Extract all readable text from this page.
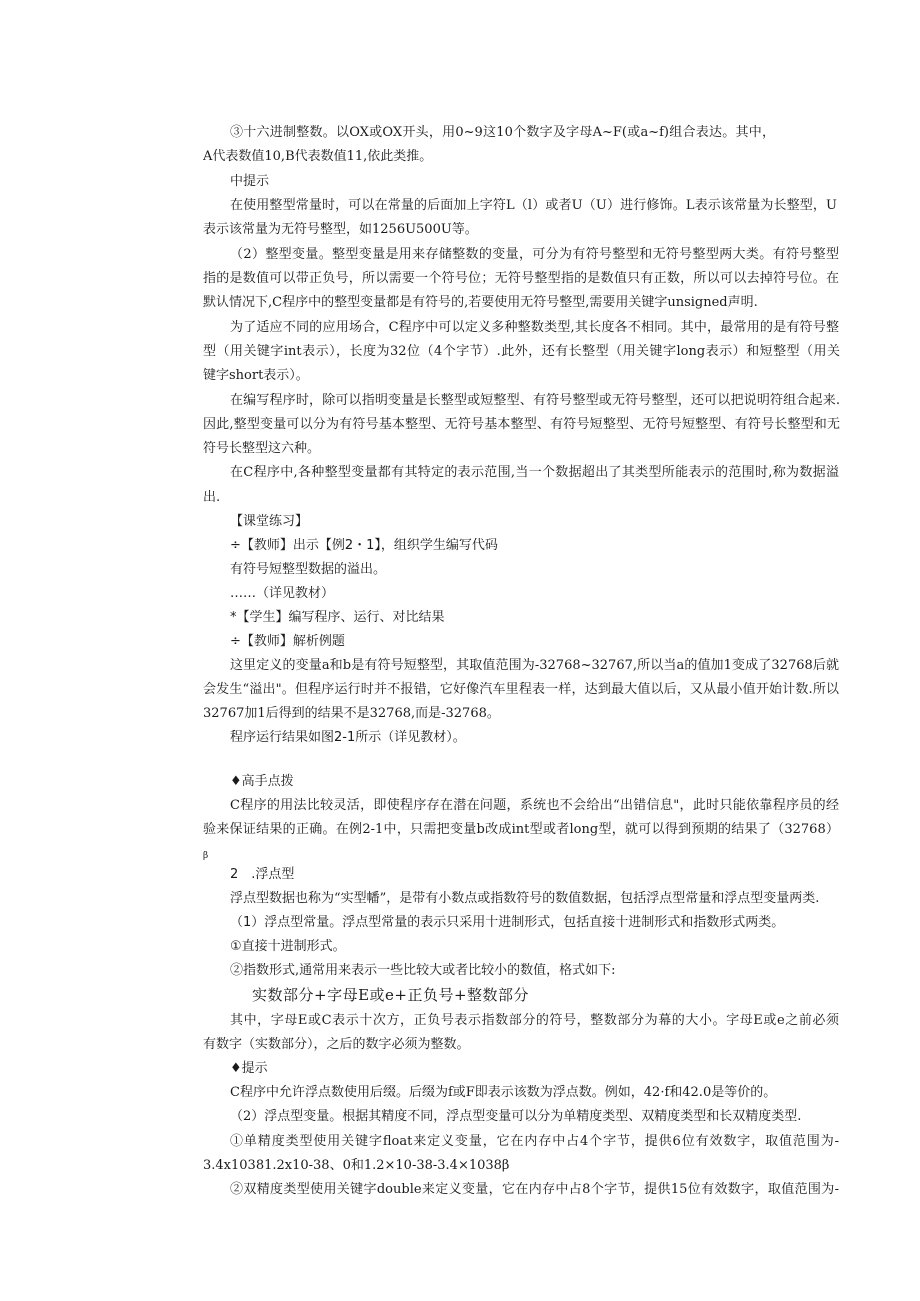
③十六进制整数。以OX或OX开头，用0~9这10个数字及字母A~F(或a~f)组合表达。其中，
A代表数值10,B代表数值11,依此类推。
中提示
在使用整型常量时，可以在常量的后面加上字符L（l）或者U（U）进行修饰。L表示该常量为长整型，U
表示该常量为无符号整型，如1256U500U等。
（2）整型变量。整型变量是用来存储整数的变量，可分为有符号整型和无符号整型两大类。有符号整型
指的是数值可以带正负号，所以需要一个符号位；无符号整型指的是数值只有正数，所以可以去掉符号位。在
默认情况下,C程序中的整型变量都是有符号的,若要使用无符号整型,需要用关键字unsigned声明.
为了适应不同的应用场合，C程序中可以定义多种整数类型,其长度各不相同。其中，最常用的是有符号整
型（用关键字int表示），长度为32位（4个字节）.此外，还有长整型（用关键字long表示）和短整型（用关
键字short表示）。
在编写程序时，除可以指明变量是长整型或短整型、有符号整型或无符号整型，还可以把说明符组合起来.
因此,整型变量可以分为有符号基本整型、无符号基本整型、有符号短整型、无符号短整型、有符号长整型和无
符号长整型这六种。
在C程序中,各种整型变量都有其特定的表示范围,当一个数据超出了其类型所能表示的范围时,称为数据溢
出.
【课堂练习】
÷【教师】出示【例2・1】，组织学生编写代码
有符号短整型数据的溢出。
……（详见教材）
*【学生】编写程序、运行、对比结果
÷【教师】解析例题
这里定义的变量a和b是有符号短整型，其取值范围为-32768~32767,所以当a的值加1变成了32768后就
会发生“溢出"。但程序运行时并不报错，它好像汽车里程表一样，达到最大值以后，又从最小值开始计数.所以
32767加1后得到的结果不是32768,而是-32768。
程序运行结果如图2-1所示（详见教材）。
♦高手点拨
C程序的用法比较灵活，即使程序存在潜在问题，系统也不会给出“出错信息"，此时只能依靠程序员的经
验来保证结果的正确。在例2-1中，只需把变量b改成int型或者long型，就可以得到预期的结果了（32768）
β
2　.浮点型
浮点型数据也称为“实型幡”，是带有小数点或指数符号的数值数据，包括浮点型常量和浮点型变量两类.
（1）浮点型常量。浮点型常量的表示只采用十进制形式，包括直接十进制形式和指数形式两类。
①直接十进制形式。
②指数形式,通常用来表示一些比较大或者比较小的数值，格式如下:
实数部分+字母E或e+正负号+整数部分
其中，字母E或C表示十次方，正负号表示指数部分的符号，整数部分为幕的大小。字母E或e之前必须
有数字（实数部分），之后的数字必须为整数。
♦提示
C程序中允许浮点数使用后缀。后缀为f或F即表示该数为浮点数。例如，42·f和42.0是等价的。
（2）浮点型变量。根据其精度不同，浮点型变量可以分为单精度类型、双精度类型和长双精度类型.
①单精度类型使用关键字float来定义变量，它在内存中占4个字节，提供6位有效数字，取值范围为-
3.4x10381.2x10-38、0和1.2×10-38-3.4×1038β
②双精度类型使用关键字double来定义变量，它在内存中占8个字节，提供15位有效数字，取值范围为-
